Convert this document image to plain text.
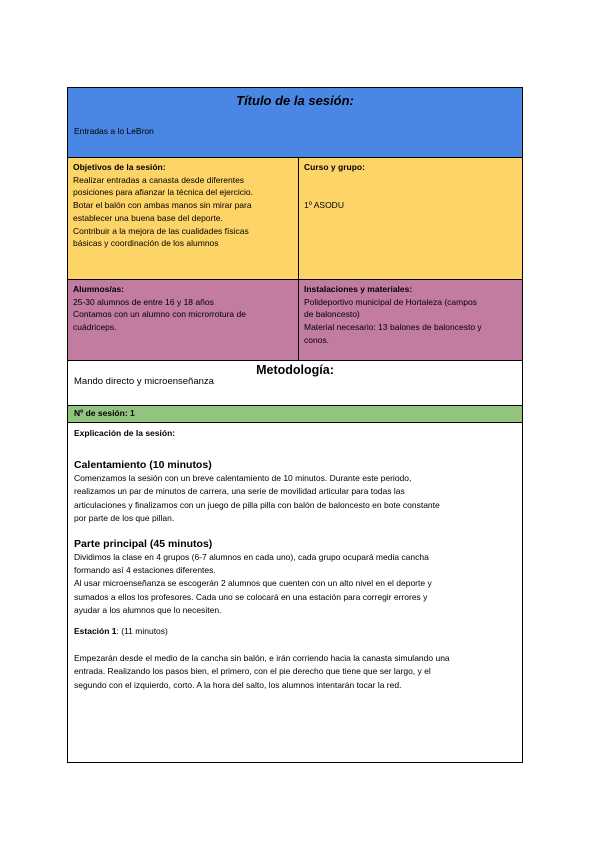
Título de la sesión:
Entradas a lo LeBron
Objetivos de la sesión:
Realizar entradas a canasta desde diferentes
posiciones para afianzar la técnica del ejercicio.
Botar el balón con ambas manos sin mirar para
establecer una buena base del deporte.
Contribuir a la mejora de las cualidades físicas
básicas y coordinación de los alumnos
Curso y grupo:
1º ASODU
Alumnos/as:
25-30 alumnos de entre 16 y 18 años
Contamos con un alumno con microrrotura de
cuádriceps.
Instalaciones y materiales:
Polideportivo municipal de Hortaleza (campos
de baloncesto)
Material necesario: 13 balones de baloncesto y
conos.
Metodología:
Mando directo y microenseñanza
Nº de sesión: 1

Explicación de la sesión:

Calentamiento (10 minutos)

Comenzamos la sesión con un breve calentamiento de 10 minutos. Durante este periodo,

realizamos un par de minutos de carrera, una serie de movilidad articular para todas las

articulaciones y finalizamos con un juego de pilla pilla con balón de baloncesto en bote constante

por parte de los que pillan.

Parte principal (45 minutos)

Dividimos la clase en 4 grupos (6-7 alumnos en cada uno), cada grupo ocupará media cancha

formando así 4 estaciones diferentes.

Al usar microenseñanza se escogerán 2 alumnos que cuenten con un alto nivel en el deporte y

sumados a ellos los profesores. Cada uno se colocará en una estación para corregir errores y

ayudar a los alumnos que lo necesiten.

Estación 1: (11 minutos)

Empezarán desde el medio de la cancha sin balón, e irán corriendo hacia la canasta simulando una

entrada. Realizando los pasos bien, el primero, con el pie derecho que tiene que ser largo, y el

segundo con el izquierdo, corto. A la hora del salto, los alumnos intentarán tocar la red.
